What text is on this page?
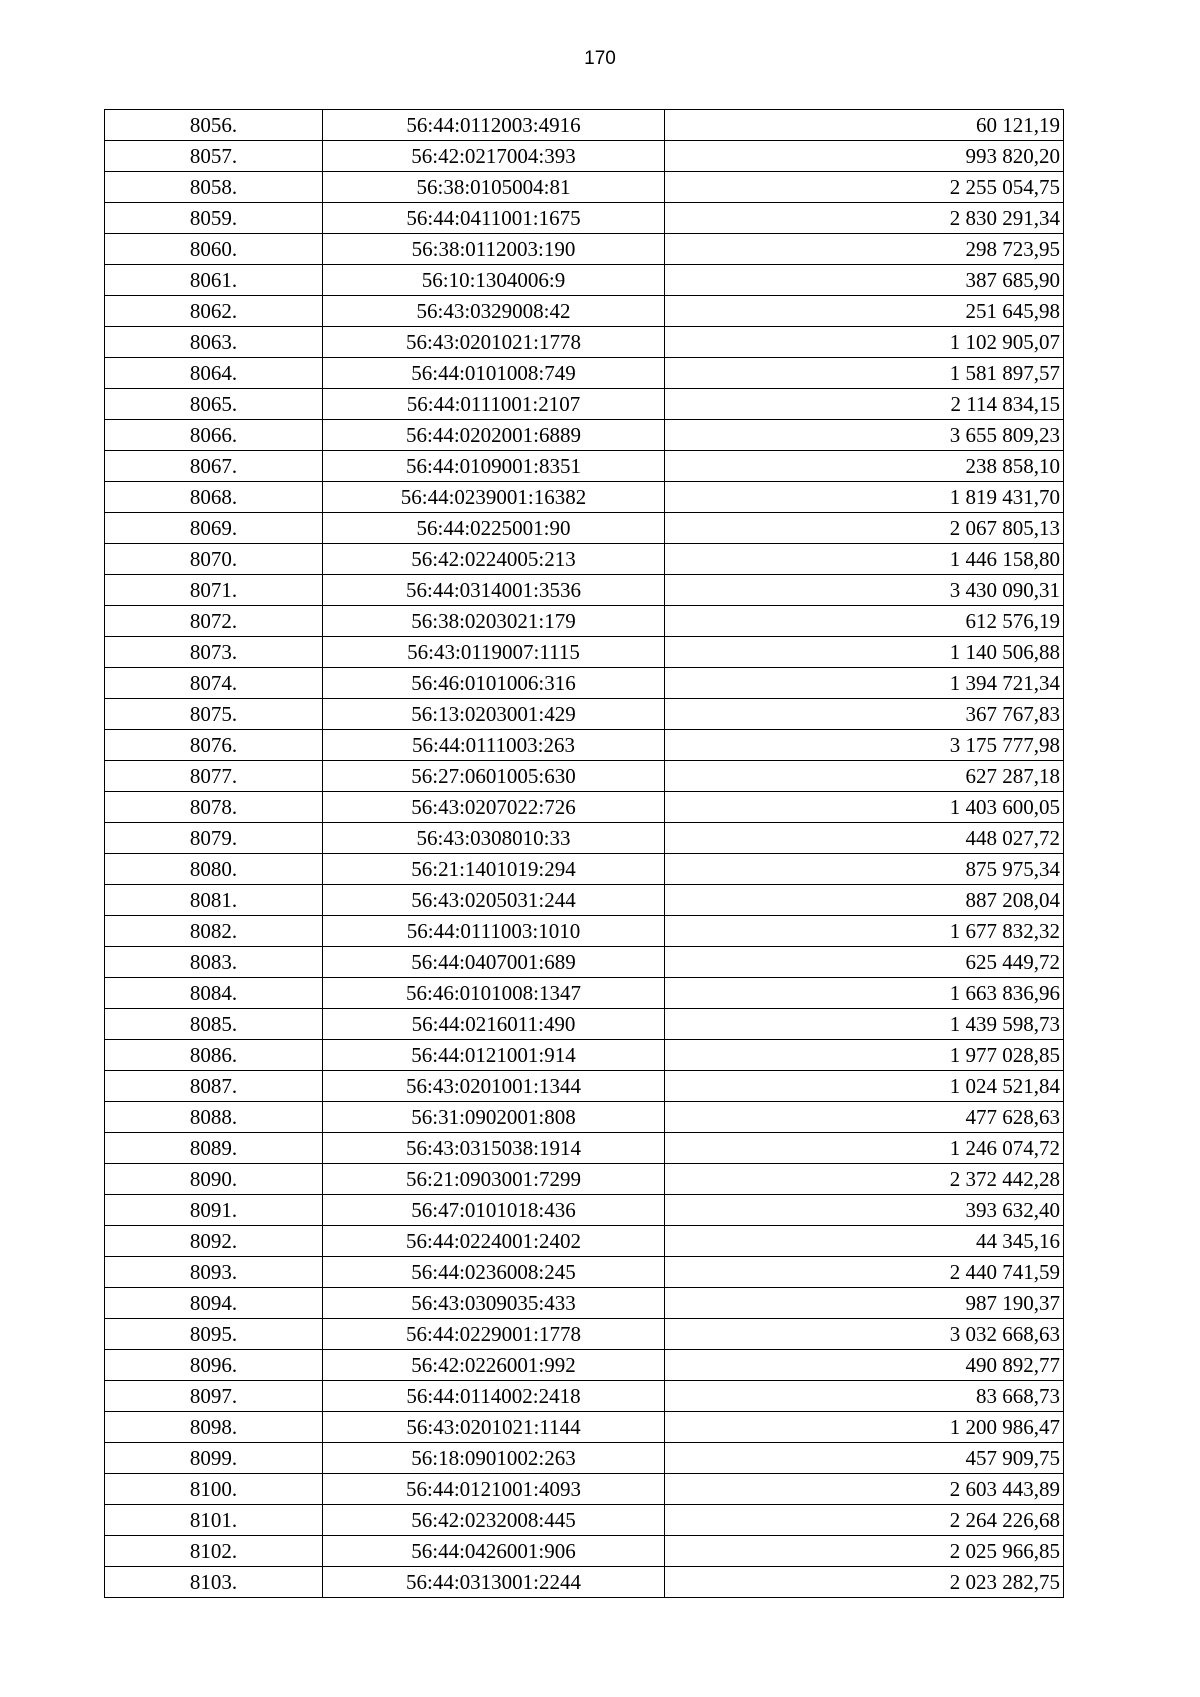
170
8056.	56:44:0112003:4916	60 121,19
8057.	56:42:0217004:393	993 820,20
8058.	56:38:0105004:81	2 255 054,75
8059.	56:44:0411001:1675	2 830 291,34
8060.	56:38:0112003:190	298 723,95
8061.	56:10:1304006:9	387 685,90
8062.	56:43:0329008:42	251 645,98
8063.	56:43:0201021:1778	1 102 905,07
8064.	56:44:0101008:749	1 581 897,57
8065.	56:44:0111001:2107	2 114 834,15
8066.	56:44:0202001:6889	3 655 809,23
8067.	56:44:0109001:8351	238 858,10
8068.	56:44:0239001:16382	1 819 431,70
8069.	56:44:0225001:90	2 067 805,13
8070.	56:42:0224005:213	1 446 158,80
8071.	56:44:0314001:3536	3 430 090,31
8072.	56:38:0203021:179	612 576,19
8073.	56:43:0119007:1115	1 140 506,88
8074.	56:46:0101006:316	1 394 721,34
8075.	56:13:0203001:429	367 767,83
8076.	56:44:0111003:263	3 175 777,98
8077.	56:27:0601005:630	627 287,18
8078.	56:43:0207022:726	1 403 600,05
8079.	56:43:0308010:33	448 027,72
8080.	56:21:1401019:294	875 975,34
8081.	56:43:0205031:244	887 208,04
8082.	56:44:0111003:1010	1 677 832,32
8083.	56:44:0407001:689	625 449,72
8084.	56:46:0101008:1347	1 663 836,96
8085.	56:44:0216011:490	1 439 598,73
8086.	56:44:0121001:914	1 977 028,85
8087.	56:43:0201001:1344	1 024 521,84
8088.	56:31:0902001:808	477 628,63
8089.	56:43:0315038:1914	1 246 074,72
8090.	56:21:0903001:7299	2 372 442,28
8091.	56:47:0101018:436	393 632,40
8092.	56:44:0224001:2402	44 345,16
8093.	56:44:0236008:245	2 440 741,59
8094.	56:43:0309035:433	987 190,37
8095.	56:44:0229001:1778	3 032 668,63
8096.	56:42:0226001:992	490 892,77
8097.	56:44:0114002:2418	83 668,73
8098.	56:43:0201021:1144	1 200 986,47
8099.	56:18:0901002:263	457 909,75
8100.	56:44:0121001:4093	2 603 443,89
8101.	56:42:0232008:445	2 264 226,68
8102.	56:44:0426001:906	2 025 966,85
8103.	56:44:0313001:2244	2 023 282,75
